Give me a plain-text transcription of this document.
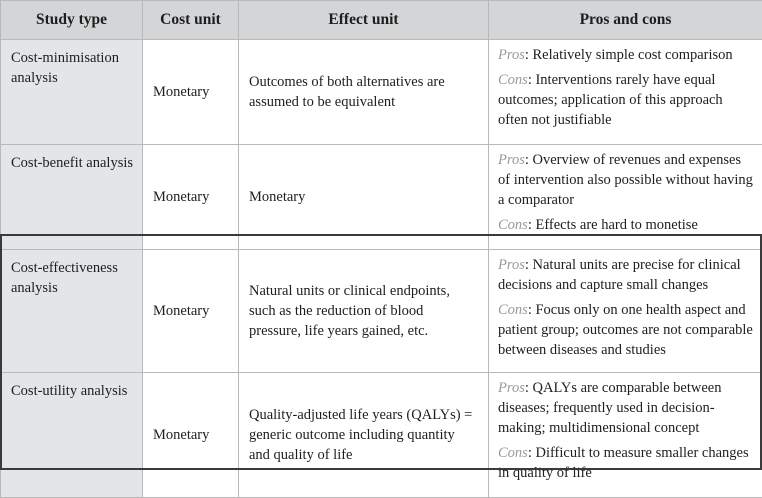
Study type	Cost unit	Effect unit	Pros and cons
Cost-minimisation analysis	Monetary	Outcomes of both alternatives are assumed to be equivalent	Pros: Relatively simple cost comparison

Cons: Interventions rarely have equal outcomes; application of this approach often not justifiable

Cost-benefit analysis	Monetary	Monetary	Pros: Overview of revenues and expenses of intervention also possible without having a comparator

Cons: Effects are hard to monetise

Cost-effectiveness analysis	Monetary	Natural units or clinical endpoints, such as the reduction of blood pressure, life years gained, etc.	Pros: Natural units are precise for clinical decisions and capture small changes

Cons: Focus only on one health aspect and patient group; outcomes are not comparable between diseases and studies

Cost-utility analysis	Monetary	Quality-adjusted life years (QALYs) = generic outcome including quantity and quality of life	Pros: QALYs are comparable between diseases; frequently used in decision-making; multidimensional concept

Cons: Difficult to measure smaller changes in quality of life
